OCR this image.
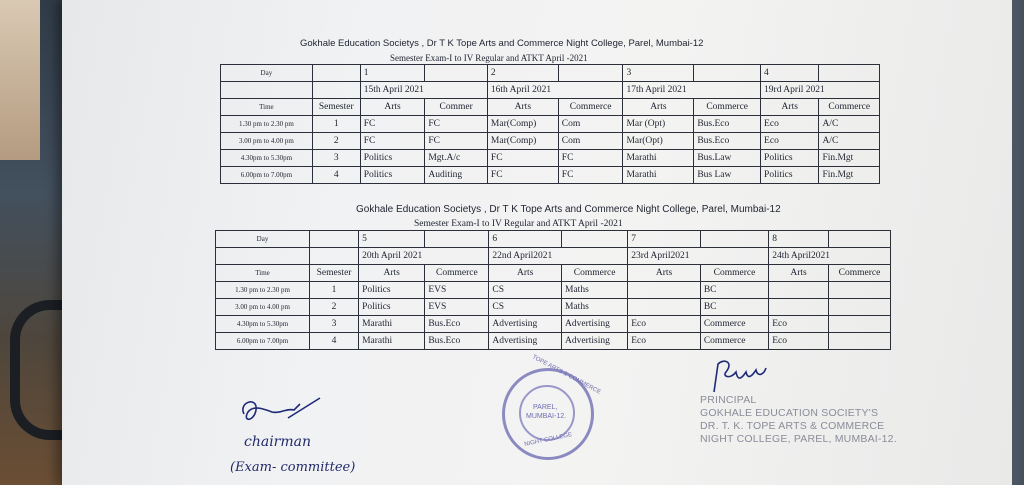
Gokhale Education Societys , Dr T K Tope Arts and Commerce Night College, Parel, Mumbai-12
Semester Exam-I to IV Regular and ATKT April -2021
Day		1		2		3		4	
		15th April 2021		16th April 2021		17th April 2021		19rd April 2021	
Time	Semester	Arts	Commer	Arts	Commerce	Arts	Commerce	Arts	Commerce
1.30 pm to 2.30 pm	1	FC	FC	Mar(Comp)	Com	Mar (Opt)	Bus.Eco	Eco	A/C
3.00 pm to 4.00 pm	2	FC	FC	Mar(Comp)	Com	Mar(Opt)	Bus.Eco	Eco	A/C
4.30pm to 5.30pm	3	Politics	Mgt.A/c	FC	FC	Marathi	Bus.Law	Politics	Fin.Mgt
6.00pm to 7.00pm	4	Politics	Auditing	FC	FC	Marathi	Bus Law	Politics	Fin.Mgt
Gokhale Education Societys , Dr T K Tope Arts and Commerce Night College, Parel, Mumbai-12
Semester Exam-I to IV Regular and ATKT April -2021
Day		5		6		7		8	
		20th April 2021		22nd April2021		23rd April2021		24th April2021	
Time	Semester	Arts	Commerce	Arts	Commerce	Arts	Commerce	Arts	Commerce
1.30 pm to 2.30 pm	1	Politics	EVS	CS	Maths		BC		
3.00 pm to 4.00 pm	2	Politics	EVS	CS	Maths		BC		
4.30pm to 5.30pm	3	Marathi	Bus.Eco	Advertising	Advertising	Eco	Commerce	Eco	
6.00pm to 7.00pm	4	Marathi	Bus.Eco	Advertising	Advertising	Eco	Commerce	Eco	
chairman
(Exam- committee)
TOPE ARTS & COMMERCE
PAREL,
MUMBAI-12.
NIGHT COLLEGE
PRINCIPAL
GOKHALE EDUCATION SOCIETY'S
DR. T. K. TOPE ARTS & COMMERCE
NIGHT COLLEGE, PAREL, MUMBAI-12.
